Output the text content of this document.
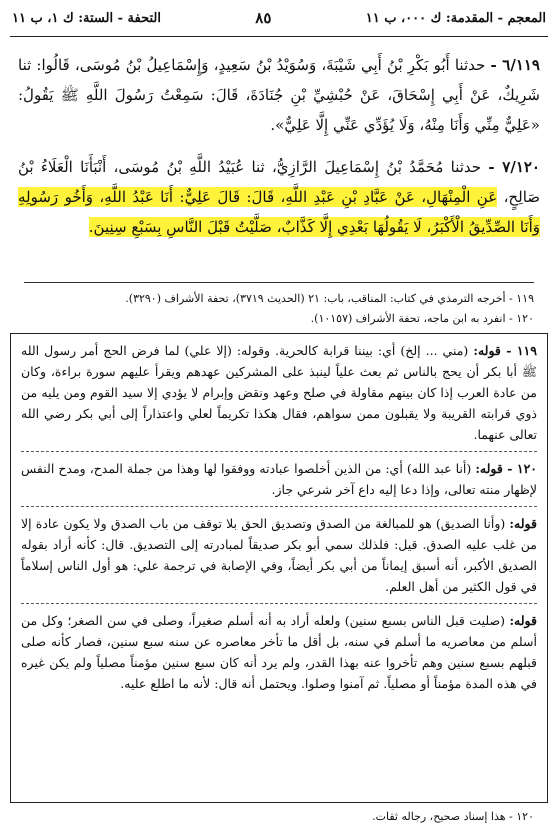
المعجم - المقدمة: ك ٠٠٠، ب ١١
٨٥
التحفة - الستة: ك ١، ب ١١
٦/١١٩ - حدثنا أَبُو بَكْرِ بْنُ أَبِي شَيْبَةَ، وَسُوَيْدُ بْنُ سَعِيدٍ، وَإِسْمَاعِيلُ بْنُ مُوسَى، قَالُوا: ثنا شَرِيكٌ، عَنْ أَبِي إِسْحَاقَ، عَنْ حُبْشِيِّ بْنِ جُنَادَةَ، قَالَ: سَمِعْتُ رَسُولَ اللَّهِ ﷺ يَقُولُ: «عَلِيٌّ مِنِّي وَأَنَا مِنْهُ، وَلَا يُؤَدِّي عَنِّي إِلَّا عَلِيٌّ».
٧/١٢٠ - حدثنا مُحَمَّدُ بْنُ إِسْمَاعِيلَ الرَّازِيُّ، ثنا عُبَيْدُ اللَّهِ بْنُ مُوسَى، أَنْبَأَنَا الْعَلَاءُ بْنُ صَالِحٍ، عَنِ الْمِنْهَالِ، عَنْ عَبَّادِ بْنِ عَبْدِ اللَّهِ، قَالَ: قَالَ عَلِيٌّ: أَنَا عَبْدُ اللَّهِ، وَأَخُو رَسُولِهِ وَأَنَا الصِّدِّيقُ الْأَكْبَرُ، لَا يَقُولُهَا بَعْدِي إِلَّا كَذَّابٌ، صَلَّيْتُ قَبْلَ النَّاسِ بِسَبْعِ سِنِينَ.
١١٩ - أخرجه الترمذي في كتاب: المناقب، باب: ٢١ (الحديث ٣٧١٩)، تحفة الأشراف (٣٢٩٠).
١٢٠ - انفرد به ابن ماجه، تحفة الأشراف (١٠١٥٧).

١١٩ - قوله: (مني ... إلخ) أي: بيننا قرابة كالحرية. وقوله: (إلا علي) لما فرض الحج أمر رسول الله ﷺ أبا بكر أن يحج بالناس ثم بعث علياً لينبذ على المشركين عهدهم ويقرأ عليهم سورة براءة، وكان من عادة العرب إذا كان بينهم مقاولة في صلح وعهد ونقض وإبرام لا يؤدي إلا سيد القوم ومن يليه من ذوي قرابته القريبة ولا يقبلون ممن سواهم، فقال هكذا تكريماً لعلي واعتذاراً إلى أبي بكر رضي الله تعالى عنهما.

١٢٠ - قوله: (أنا عبد الله) أي: من الذين أخلصوا عبادته ووفقوا لها وهذا من جملة المدح، ومدح النفس لإظهار منته تعالى، وإذا دعا إليه داع آخر شرعي جاز.

قوله: (وأنا الصديق) هو للمبالغة من الصدق وتصديق الحق بلا توقف من باب الصدق ولا يكون عادة إلا من غلب عليه الصدق. قيل: فلذلك سمي أبو بكر صديقاً لمبادرته إلى التصديق. قال: كأنه أراد بقوله الصديق الأكبر، أنه أسبق إيماناً من أبي بكر أيضاً، وفي الإصابة في ترجمة علي: هو أول الناس إسلاماً في قول الكثير من أهل العلم.

قوله: (صليت قبل الناس بسبع سنين) ولعله أراد به أنه أسلم صغيراً، وصلى في سن الصغر؛ وكل من أسلم من معاصريه ما أسلم في سنه، بل أقل ما تأخر معاصره عن سنه سبع سنين، فصار كأنه صلى قبلهم بسبع سنين وهم تأخروا عنه بهذا القدر، ولم يرد أنه كان سبع سنين مؤمناً مصلياً ولم يكن غيره في هذه المدة مؤمناً أو مصلياً. ثم آمنوا وصلوا. ويحتمل أنه قال: لأنه ما اطلع عليه.

١٢٠ - هذا إسناد صحيح، رجاله ثقات.
